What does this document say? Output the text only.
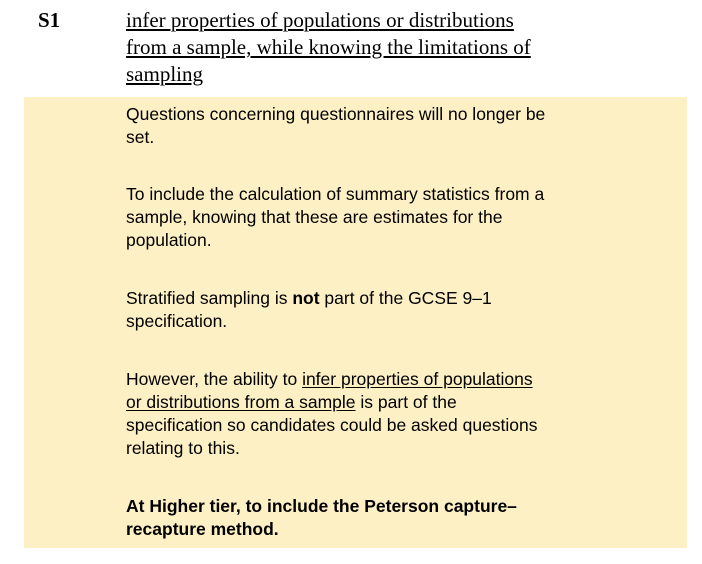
S1	infer properties of populations or distributions
from a sample, while knowing the limitations of
sampling
Questions concerning questionnaires will no longer be
set.
To include the calculation of summary statistics from a
sample, knowing that these are estimates for the
population.
Stratified sampling is not part of the GCSE 9–1
specification.
However, the ability to infer properties of populations
or distributions from a sample is part of the
specification so candidates could be asked questions
relating to this.
At Higher tier, to include the Peterson capture–
recapture method.
